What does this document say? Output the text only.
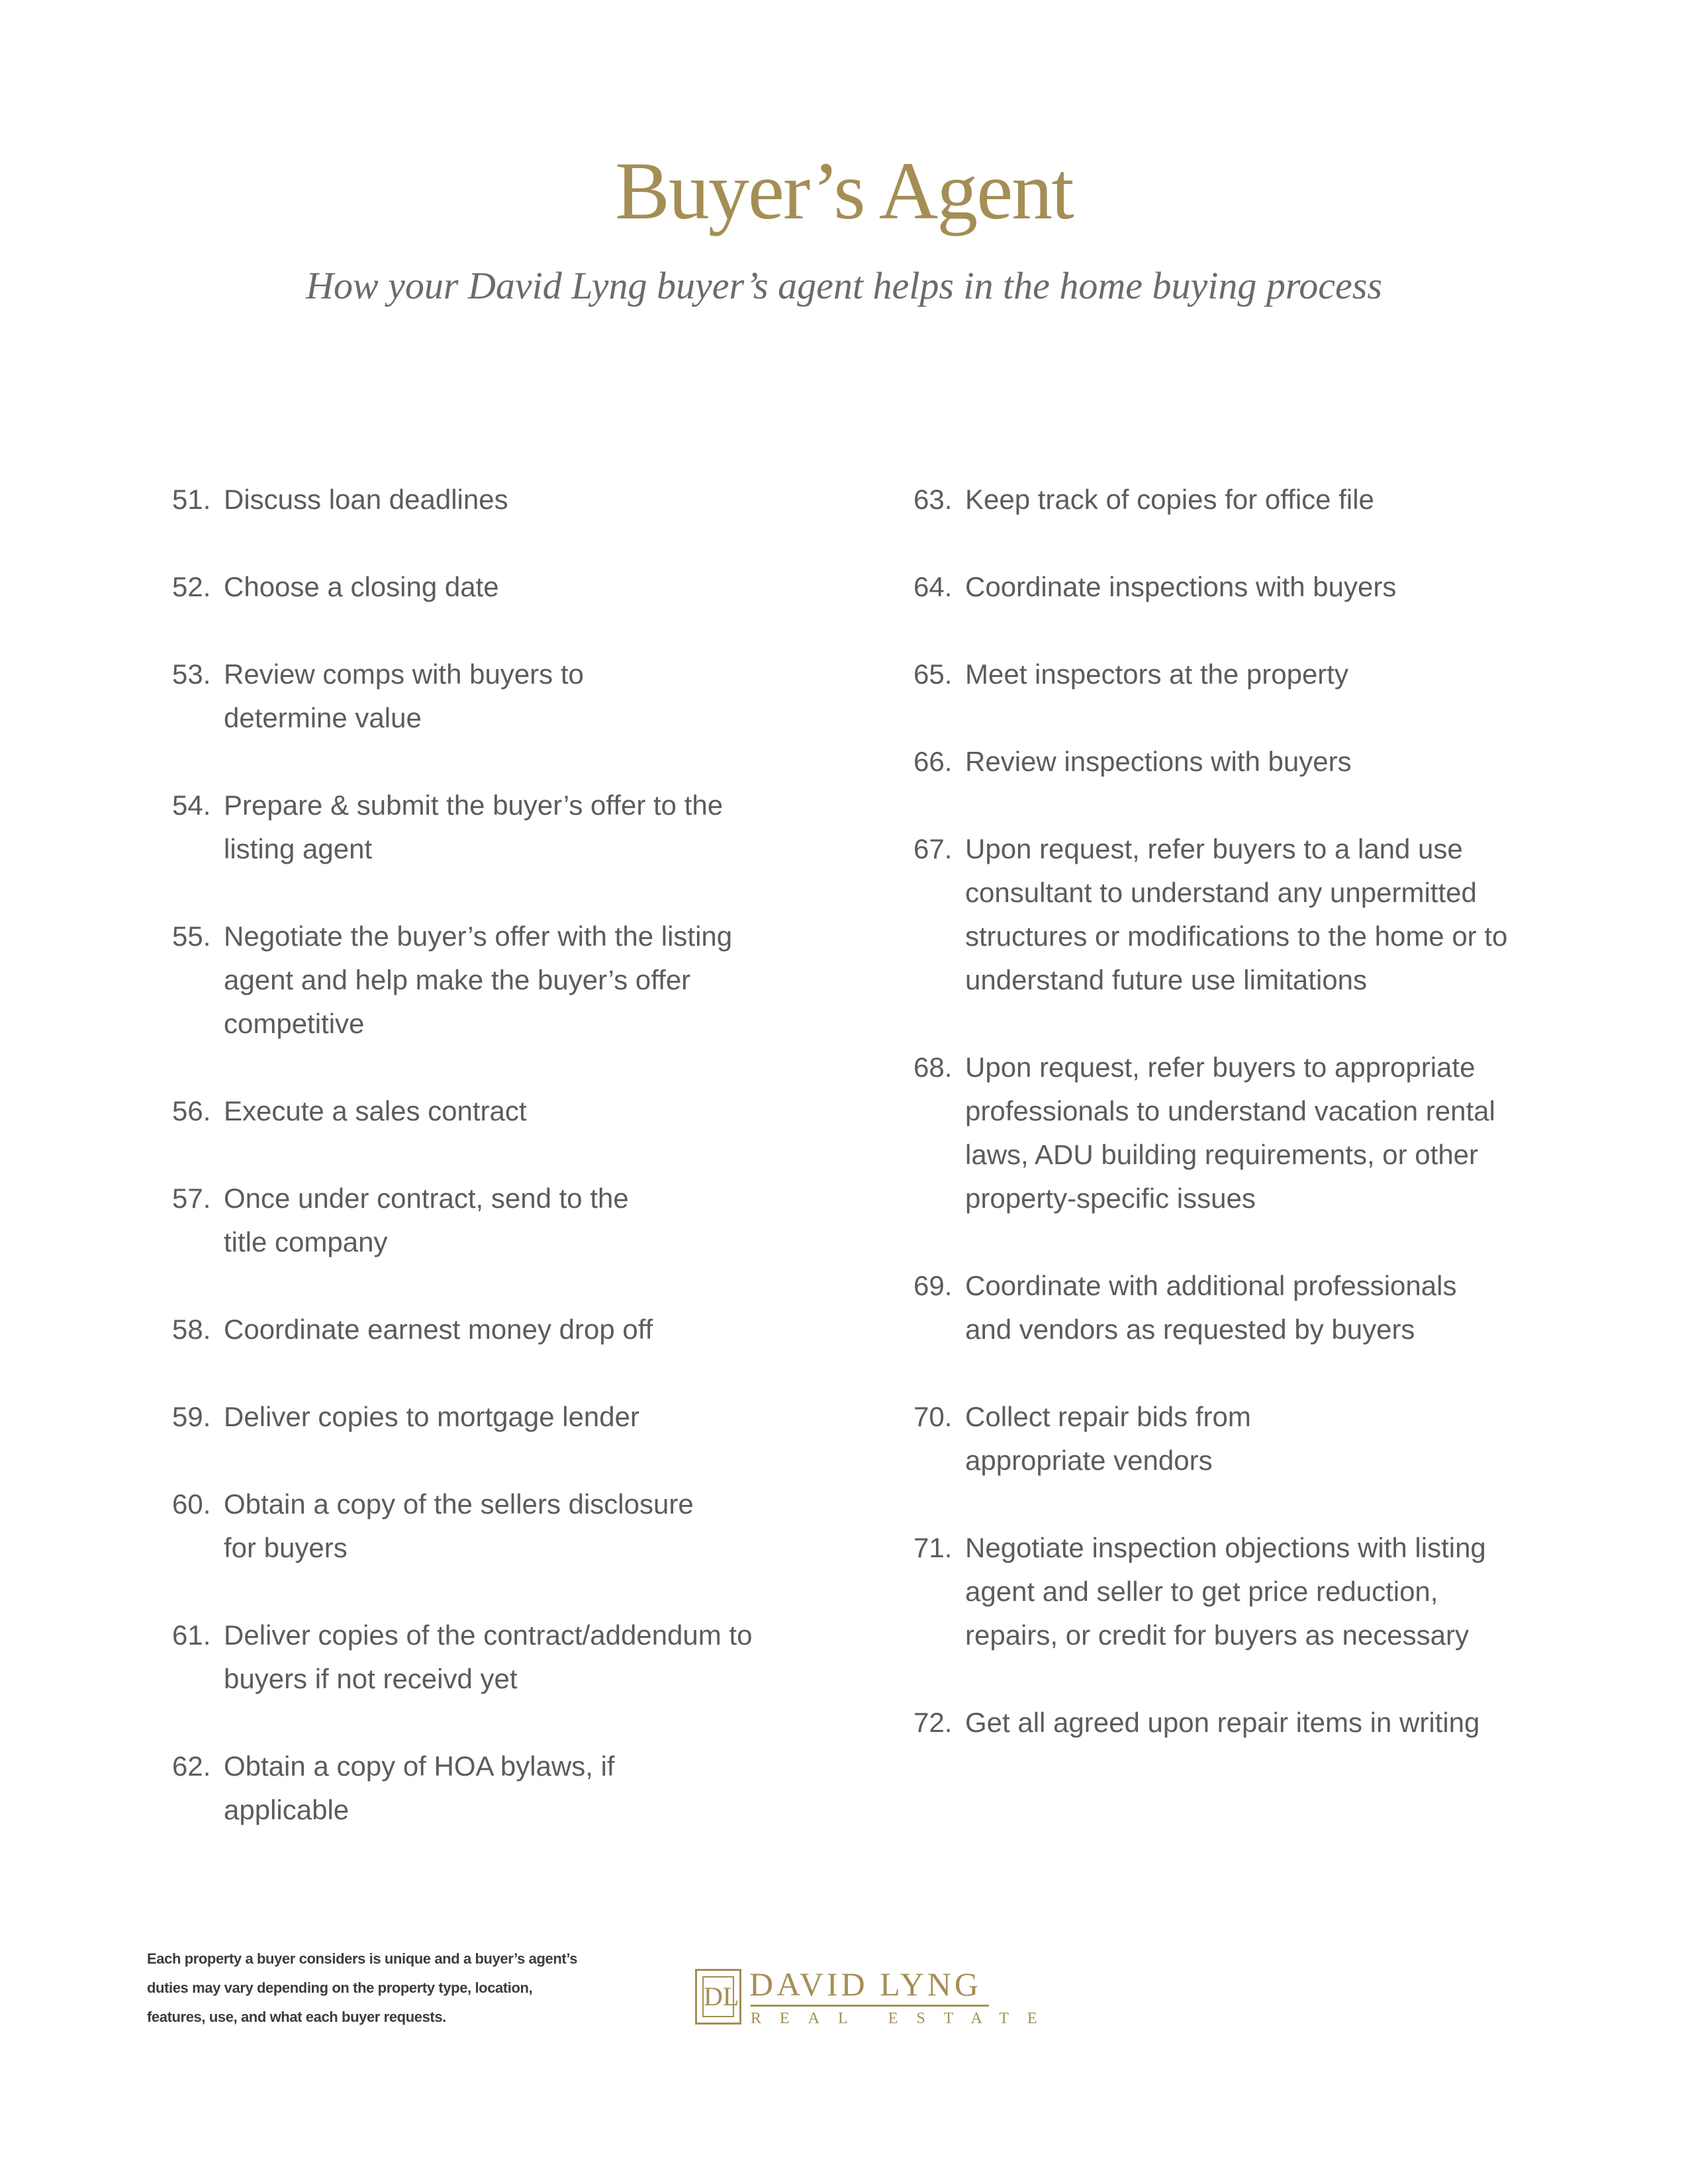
Buyer’s Agent
How your David Lyng buyer’s agent helps in the home buying process
51. Discuss loan deadlines
52. Choose a closing date
53. Review comps with buyers to determine value
54. Prepare & submit the buyer’s offer to the listing agent
55. Negotiate the buyer’s offer with the listing agent and help make the buyer’s offer competitive
56. Execute a sales contract
57. Once under contract, send to the title company
58. Coordinate earnest money drop off
59. Deliver copies to mortgage lender
60. Obtain a copy of the sellers disclosure for buyers
61. Deliver copies of the contract/addendum to buyers if not receivd yet
62. Obtain a copy of HOA bylaws, if applicable
63. Keep track of copies for office file
64. Coordinate inspections with buyers
65. Meet inspectors at the property
66. Review inspections with buyers
67. Upon request, refer buyers to a land use consultant to understand any unpermitted structures or modifications to the home or to understand future use limitations
68. Upon request, refer buyers to appropriate professionals to understand vacation rental laws, ADU building requirements, or other property-specific issues
69. Coordinate with additional professionals and vendors as requested by buyers
70. Collect repair bids from appropriate vendors
71. Negotiate inspection objections with listing agent and seller to get price reduction, repairs, or credit for buyers as necessary
72. Get all agreed upon repair items in writing
Each property a buyer considers is unique and a buyer’s agent’s duties may vary depending on the property type, location, features, use, and what each buyer requests.
DL DAVID LYNG
REAL ESTATE
